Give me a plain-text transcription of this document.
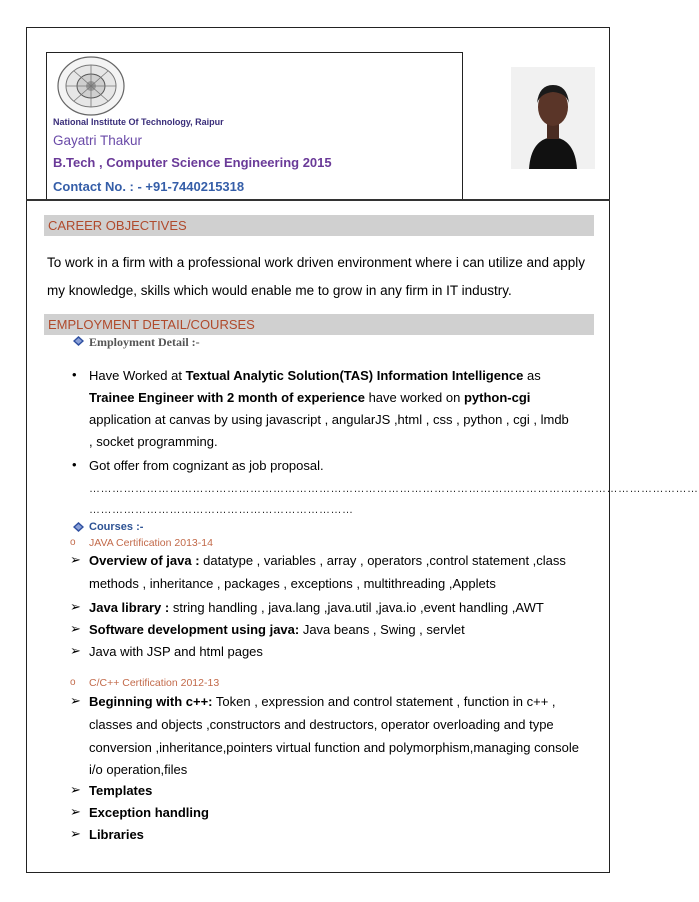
National Institute Of Technology, Raipur
Gayatri Thakur
B.Tech , Computer Science Engineering 2015
Contact No. : - +91-7440215318
CAREER OBJECTIVES
To work in a firm with a professional work driven environment where i can utilize and apply
my knowledge, skills which would enable me to grow in any firm in IT industry.
EMPLOYMENT DETAIL/COURSES
Employment Detail :-
• Have Worked at Textual Analytic Solution(TAS) Information Intelligence as
Trainee Engineer with 2 month of experience have worked on python-cgi
application at canvas by using javascript , angularJS ,html , css , python , cgi , lmdb
, socket programming.
• Got offer from cognizant as job proposal.
……………………………………………………………………………………………………………………………………………
……………………………………………………………
Courses :-
o JAVA Certification 2013-14
➢ Overview of java : datatype , variables , array , operators ,control statement ,class
methods , inheritance , packages , exceptions , multithreading ,Applets
➢ Java library : string handling , java.lang ,java.util ,java.io ,event handling ,AWT
➢ Software development using java: Java beans , Swing , servlet
➢ Java with JSP and html pages
o C/C++ Certification 2012-13
➢ Beginning with c++: Token , expression and control statement , function in c++ ,
classes and objects ,constructors and destructors, operator overloading and type
conversion ,inheritance,pointers virtual function and polymorphism,managing console
i/o operation,files
➢ Templates
➢ Exception handling
➢ Libraries
